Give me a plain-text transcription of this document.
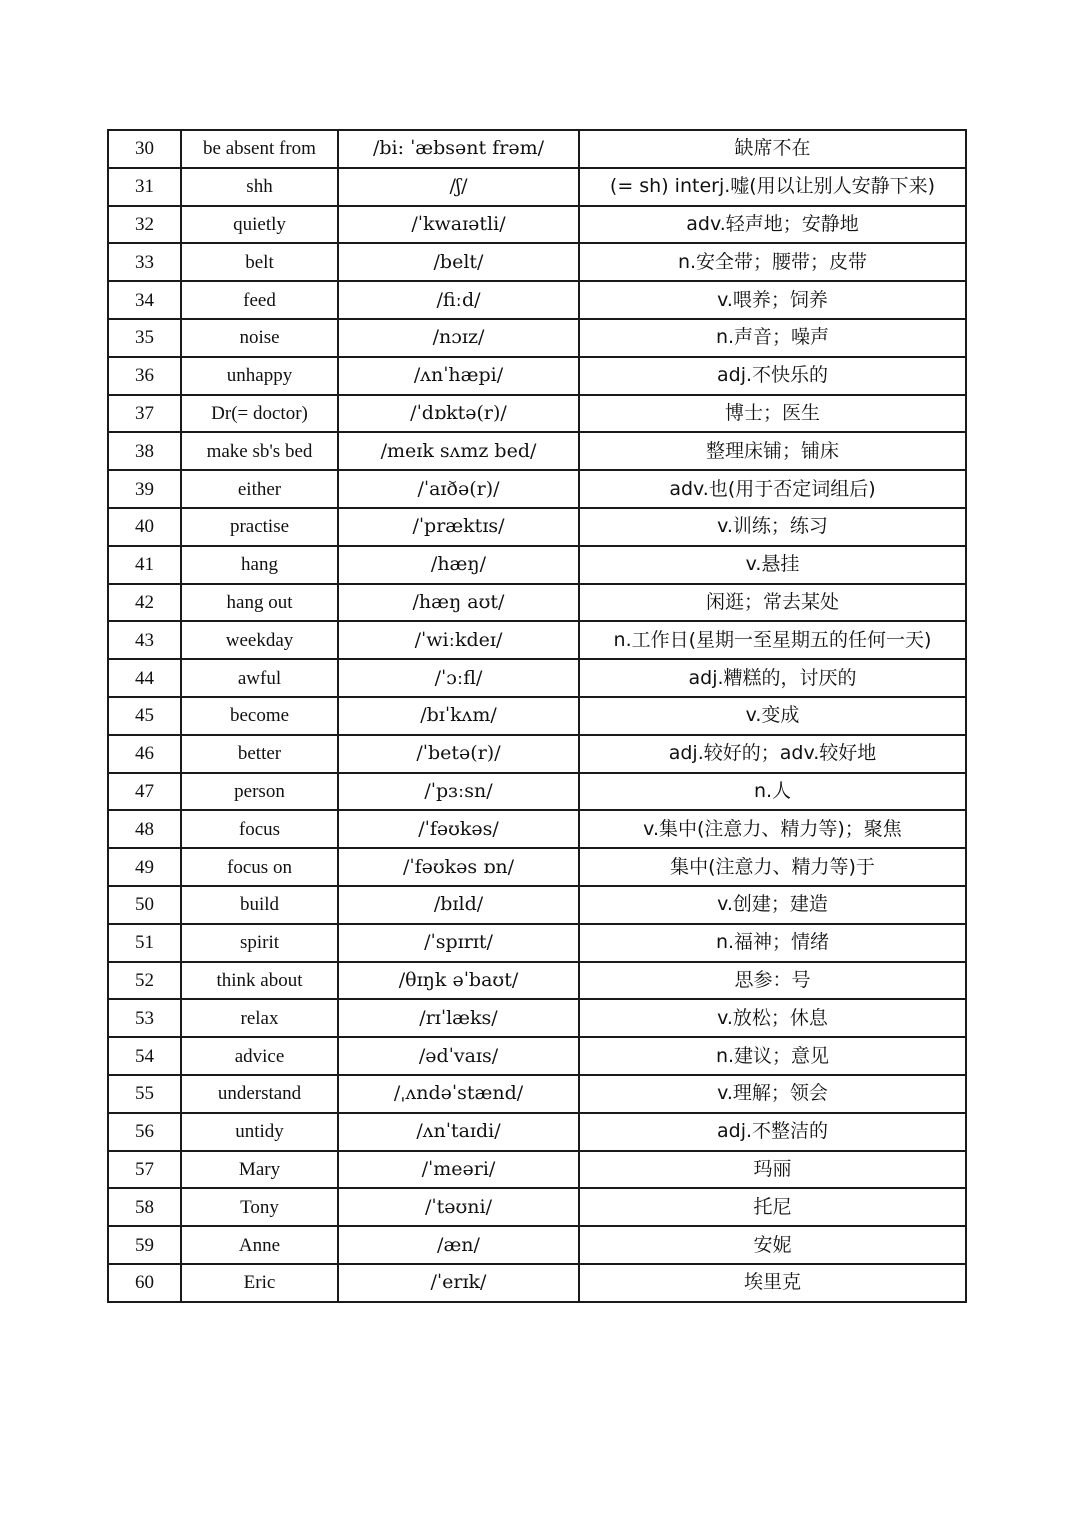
30	be absent from	/bi: ˈæbsənt frəm/	缺席不在
31	shh	/ʃ/	(= sh) interj.嘘(用以让别人安静下来)
32	quietly	/ˈkwaɪətli/	adv.轻声地；安静地
33	belt	/belt/	n.安全带；腰带；皮带
34	feed	/fiːd/	v.喂养；饲养
35	noise	/nɔɪz/	n.声音；噪声
36	unhappy	/ʌnˈhæpi/	adj.不快乐的
37	Dr(= doctor)	/ˈdɒktə(r)/	博士；医生
38	make sb's bed	/meɪk sʌmz bed/	整理床铺；铺床
39	either	/ˈaɪðə(r)/	adv.也(用于否定词组后)
40	practise	/ˈpræktɪs/	v.训练；练习
41	hang	/hæŋ/	v.悬挂
42	hang out	/hæŋ aʊt/	闲逛；常去某处
43	weekday	/ˈwiːkdeɪ/	n.工作日(星期一至星期五的任何一天)
44	awful	/ˈɔːfl/	adj.糟糕的，讨厌的
45	become	/bɪˈkʌm/	v.变成
46	better	/ˈbetə(r)/	adj.较好的；adv.较好地
47	person	/ˈpɜːsn/	n.人
48	focus	/ˈfəʊkəs/	v.集中(注意力、精力等)；聚焦
49	focus on	/ˈfəʊkəs ɒn/	集中(注意力、精力等)于
50	build	/bɪld/	v.创建；建造
51	spirit	/ˈspɪrɪt/	n.福神；情绪
52	think about	/θɪŋk əˈbaʊt/	思参：号
53	relax	/rɪˈlæks/	v.放松；休息
54	advice	/ədˈvaɪs/	n.建议；意见
55	understand	/ˌʌndəˈstænd/	v.理解；领会
56	untidy	/ʌnˈtaɪdi/	adj.不整洁的
57	Mary	/ˈmeəri/	玛丽
58	Tony	/ˈtəʊni/	托尼
59	Anne	/æn/	安妮
60	Eric	/ˈerɪk/	埃里克
